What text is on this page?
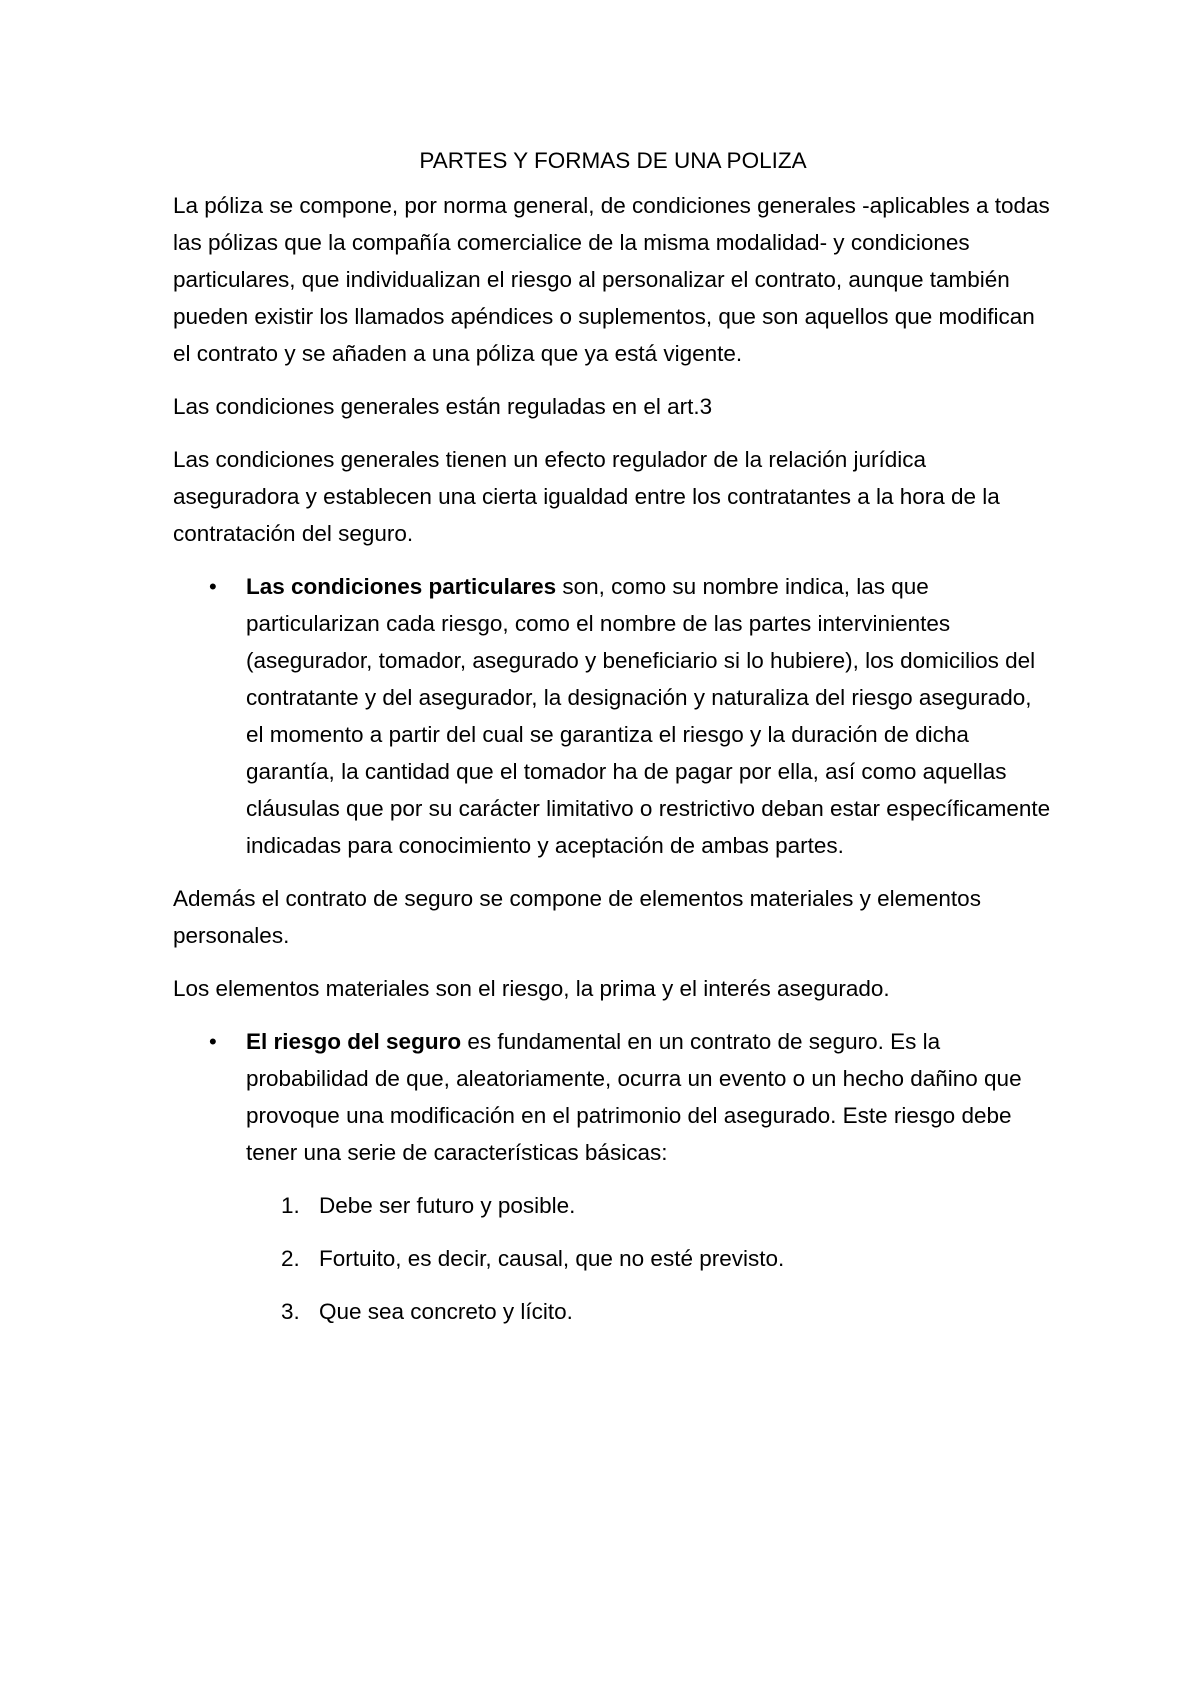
PARTES Y FORMAS DE UNA POLIZA

La póliza se compone, por norma general, de condiciones generales -aplicables a todas las pólizas que la compañía comercialice de la misma modalidad- y condiciones particulares, que individualizan el riesgo al personalizar el contrato, aunque también pueden existir los llamados apéndices o suplementos, que son aquellos que modifican el contrato y se añaden a una póliza que ya está vigente.

Las condiciones generales están reguladas en el art.3

Las condiciones generales tienen un efecto regulador de la relación jurídica aseguradora y establecen una cierta igualdad entre los contratantes a la hora de la contratación del seguro.

• Las condiciones particulares son, como su nombre indica, las que particularizan cada riesgo, como el nombre de las partes intervinientes (asegurador, tomador, asegurado y beneficiario si lo hubiere), los domicilios del contratante y del asegurador, la designación y naturaliza del riesgo asegurado, el momento a partir del cual se garantiza el riesgo y la duración de dicha garantía, la cantidad que el tomador ha de pagar por ella, así como aquellas cláusulas que por su carácter limitativo o restrictivo deban estar específicamente indicadas para conocimiento y aceptación de ambas partes.

Además el contrato de seguro se compone de elementos materiales y elementos personales.

Los elementos materiales son el riesgo, la prima y el interés asegurado.

• El riesgo del seguro es fundamental en un contrato de seguro. Es la probabilidad de que, aleatoriamente, ocurra un evento o un hecho dañino que provoque una modificación en el patrimonio del asegurado. Este riesgo debe tener una serie de características básicas:
1. Debe ser futuro y posible.
2. Fortuito, es decir, causal, que no esté previsto.
3. Que sea concreto y lícito.
